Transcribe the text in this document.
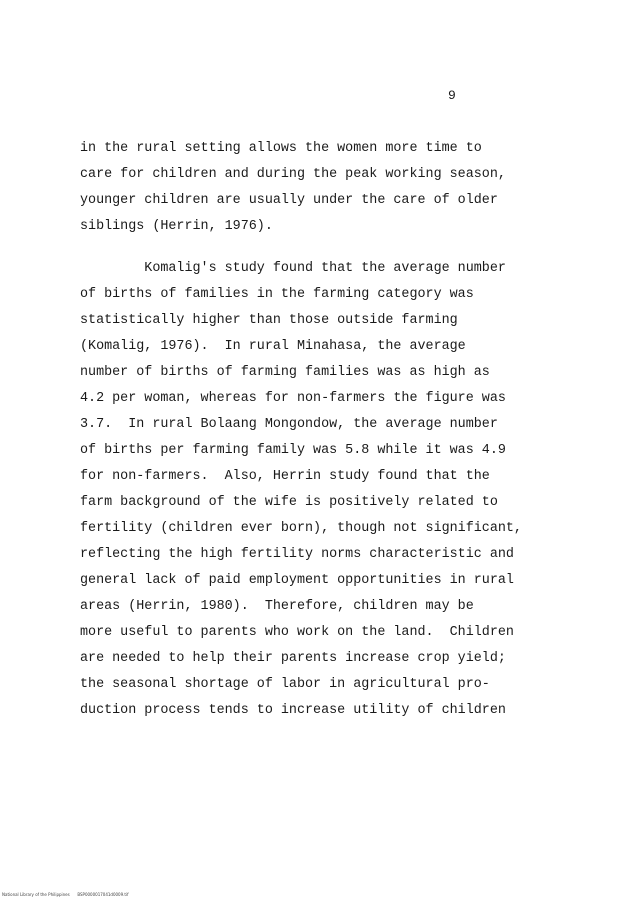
9
in the rural setting allows the women more time to
care for children and during the peak working season,
younger children are usually under the care of older
siblings (Herrin, 1976).
Komalig's study found that the average number
of births of families in the farming category was
statistically higher than those outside farming
(Komalig, 1976).  In rural Minahasa, the average
number of births of farming families was as high as
4.2 per woman, whereas for non-farmers the figure was
3.7.  In rural Bolaang Mongondow, the average number
of births per farming family was 5.8 while it was 4.9
for non-farmers.  Also, Herrin study found that the
farm background of the wife is positively related to
fertility (children ever born), though not significant,
reflecting the high fertility norms characteristic and
general lack of paid employment opportunities in rural
areas (Herrin, 1980).  Therefore, children may be
more useful to parents who work on the land.  Children
are needed to help their parents increase crop yield;
the seasonal shortage of labor in agricultural pro-
duction process tends to increase utility of children
National Library of the Philippines      BSP0000017041d0009.tif
